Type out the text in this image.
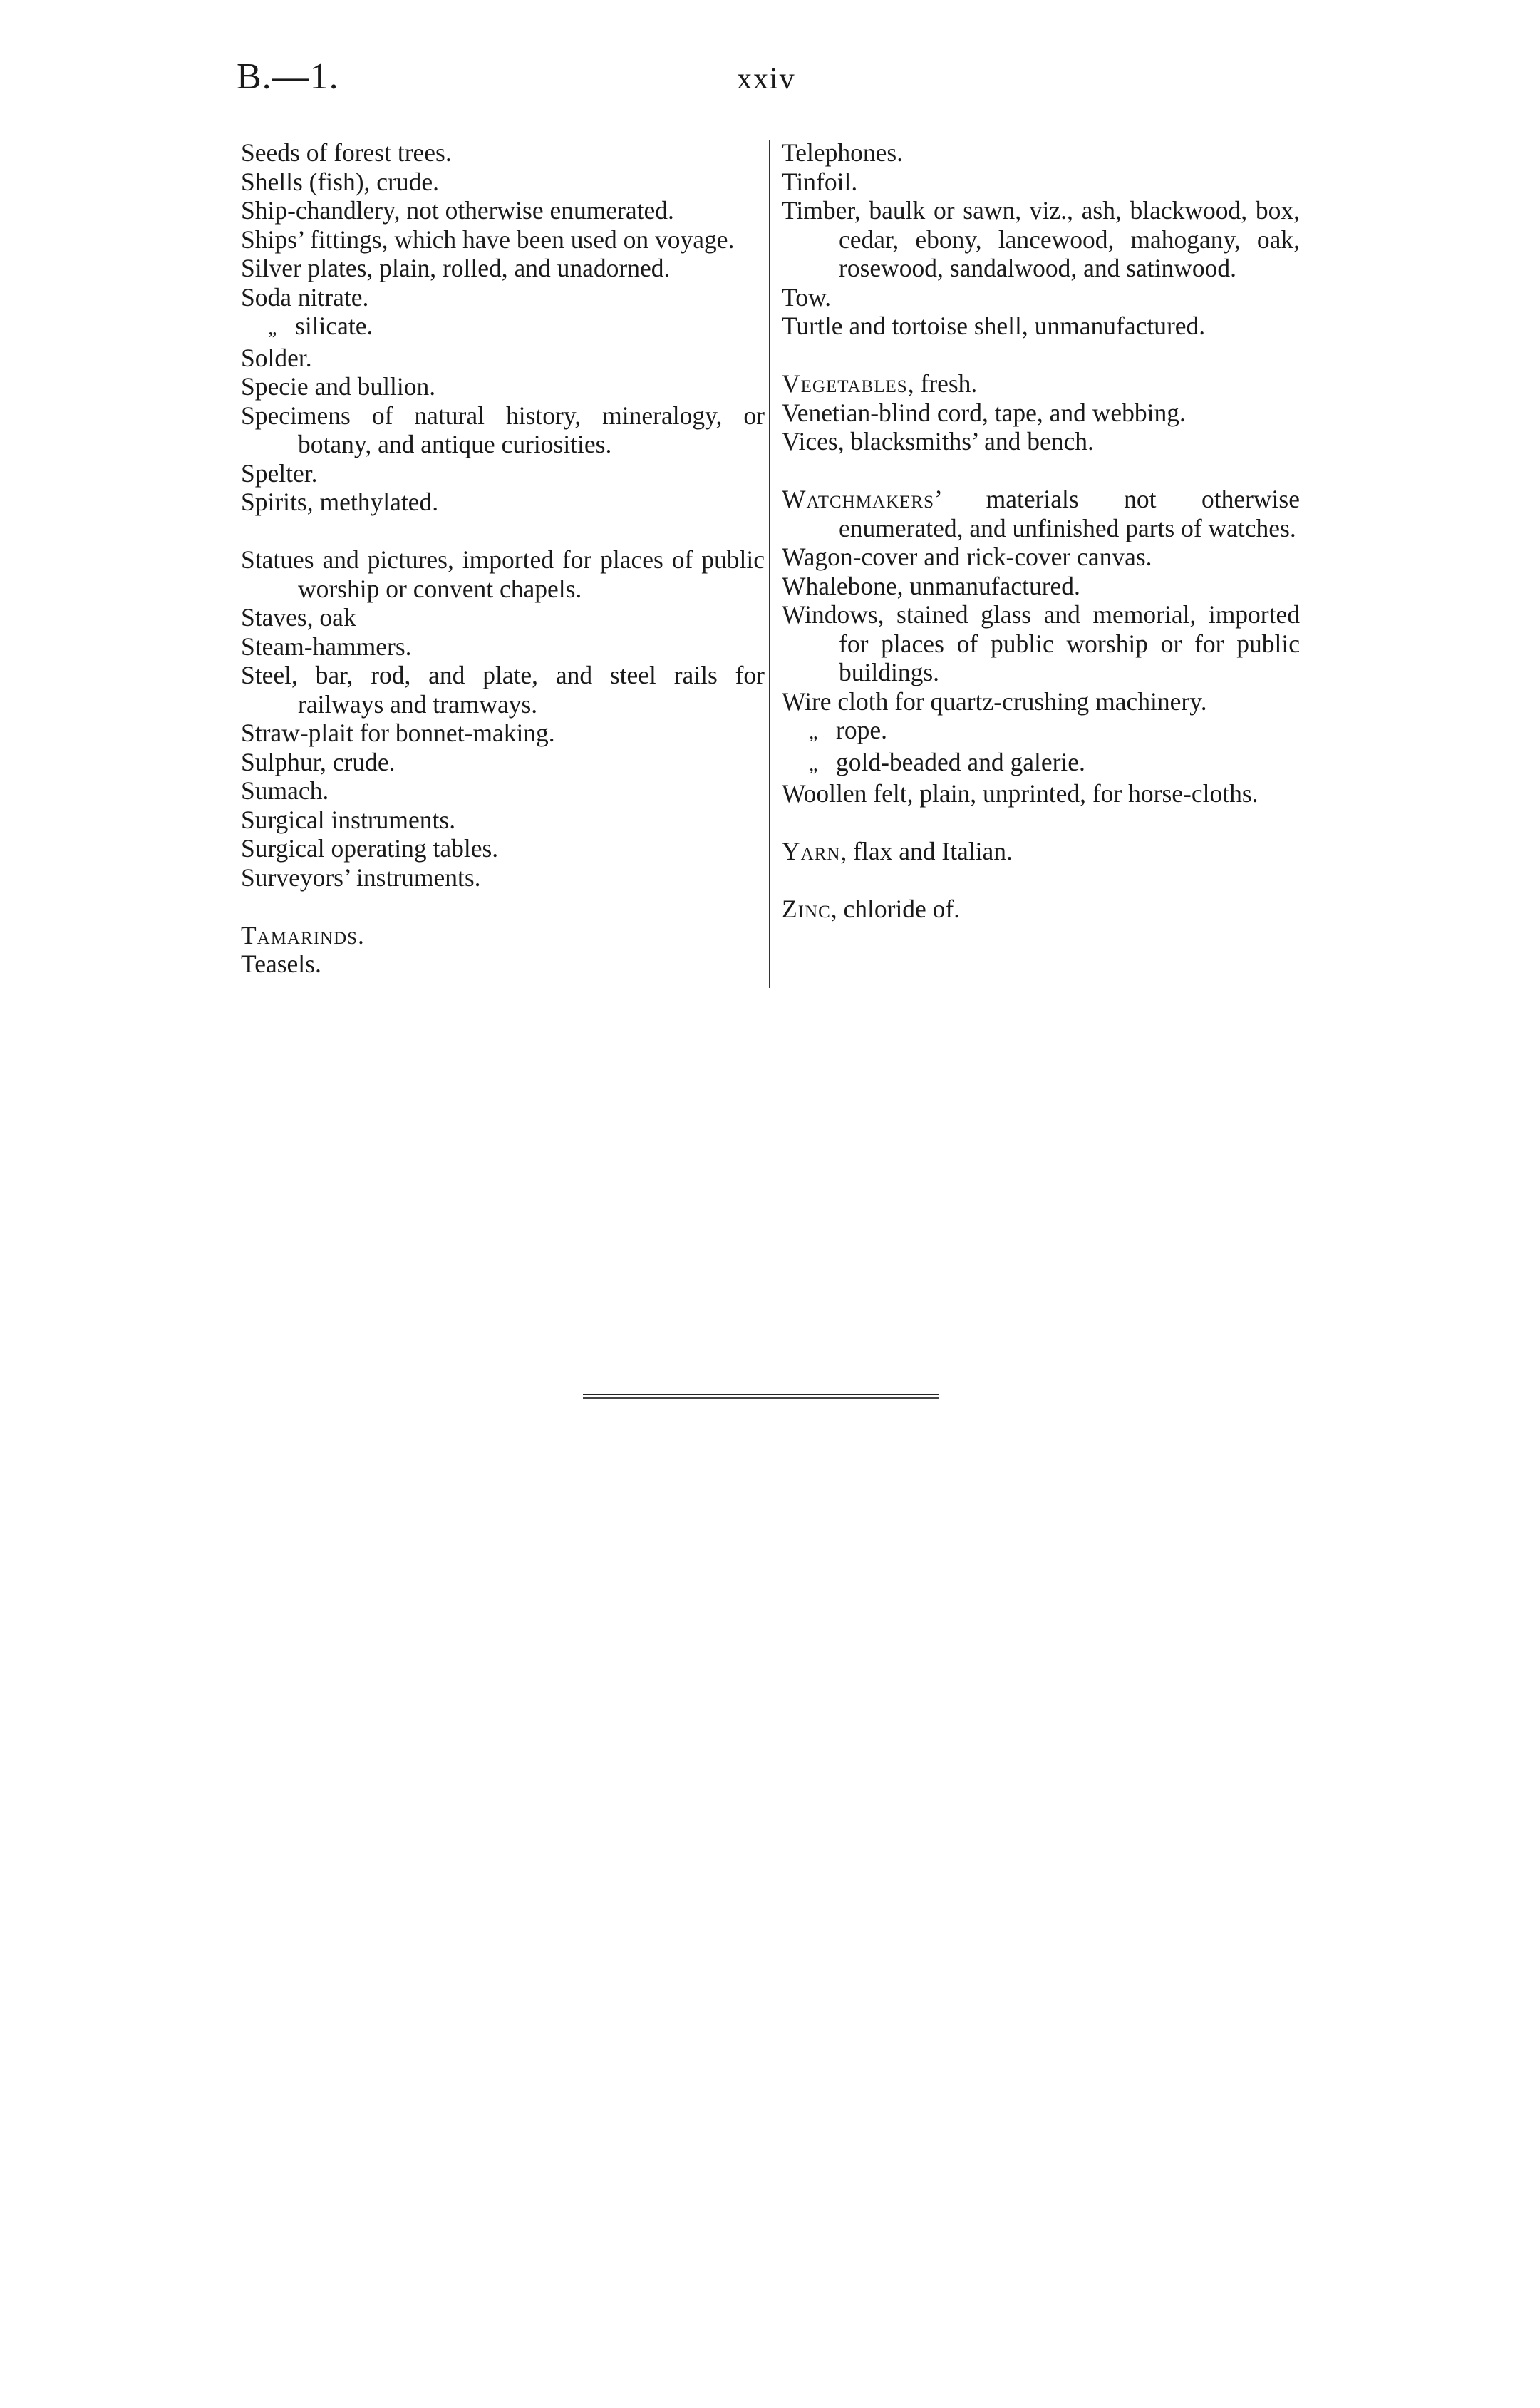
B.—1.	xxiv
Seeds of forest trees.
Shells (fish), crude.
Ship-chandlery, not otherwise enumerated.
Ships’ fittings, which have been used on voyage.
Silver plates, plain, rolled, and unadorned.
Soda nitrate.
„ silicate.
Solder.
Specie and bullion.
Specimens of natural history, mineralogy, or botany, and antique curiosities.
Spelter.
Spirits, methylated.
Statues and pictures, imported for places of public worship or convent chapels.
Staves, oak
Steam-hammers.
Steel, bar, rod, and plate, and steel rails for railways and tramways.
Straw-plait for bonnet-making.
Sulphur, crude.
Sumach.
Surgical instruments.
Surgical operating tables.
Surveyors’ instruments.
Tamarinds.
Teasels.
Telephones.
Tinfoil.
Timber, baulk or sawn, viz., ash, blackwood, box, cedar, ebony, lancewood, mahogany, oak, rosewood, sandalwood, and satinwood.
Tow.
Turtle and tortoise shell, unmanufactured.
Vegetables, fresh.
Venetian-blind cord, tape, and webbing.
Vices, blacksmiths’ and bench.
Watchmakers’ materials not otherwise enumerated, and unfinished parts of watches.
Wagon-cover and rick-cover canvas.
Whalebone, unmanufactured.
Windows, stained glass and memorial, imported for places of public worship or for public buildings.
Wire cloth for quartz-crushing machinery.
„ rope.
„ gold-beaded and galerie.
Woollen felt, plain, unprinted, for horse-cloths.
Yarn, flax and Italian.
Zinc, chloride of.
